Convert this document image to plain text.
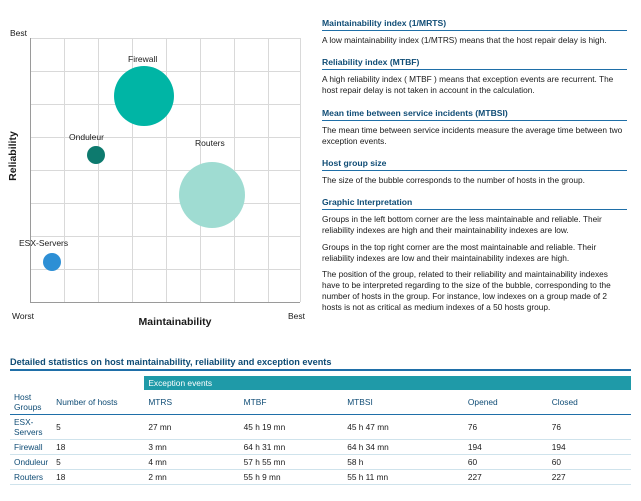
Best
Reliability
Firewall
Onduleur
Routers
ESX-Servers
Maintainability
Worst	Best
Maintainability index (1/MRTS)

A low maintainability index (1/MTRS) means that the host repair delay is high.

Reliability index (MTBF)

A high reliability index ( MTBF ) means that exception events are recurrent. The host repair delay is not taken in account in the calculation.

Mean time between service incidents (MTBSI)

The mean time between service incidents measure the average time between two exception events.

Host group size

The size of the bubble corresponds to the number of hosts in the group.

Graphic Interpretation

Groups in the left bottom corner are the less maintainable and reliable. Their reliability indexes are high and their maintainability indexes are low.

Groups in the top right corner are the most maintainable and reliable. Their reliability indexes are low and their maintainability indexes are high.

The position of the group, related to their reliability and maintainability indexes have to be interpreted regarding to the size of the bubble, corresponding to the number of hosts in the group. For instance, low indexes on a group made of 2 hosts is not as critical as medium indexes of a 50 hosts group.

Detailed statistics on host maintainability, reliability and exception events
		Exception events				
Host Groups	Number of hosts	MTRS	MTBF	MTBSI	Opened	Closed
ESX-Servers	5	27 mn	45 h 19 mn	45 h 47 mn	76	76
Firewall	18	3 mn	64 h 31 mn	64 h 34 mn	194	194
Onduleur	5	4 mn	57 h 55 mn	58 h	60	60
Routers	18	2 mn	55 h 9 mn	55 h 11 mn	227	227
